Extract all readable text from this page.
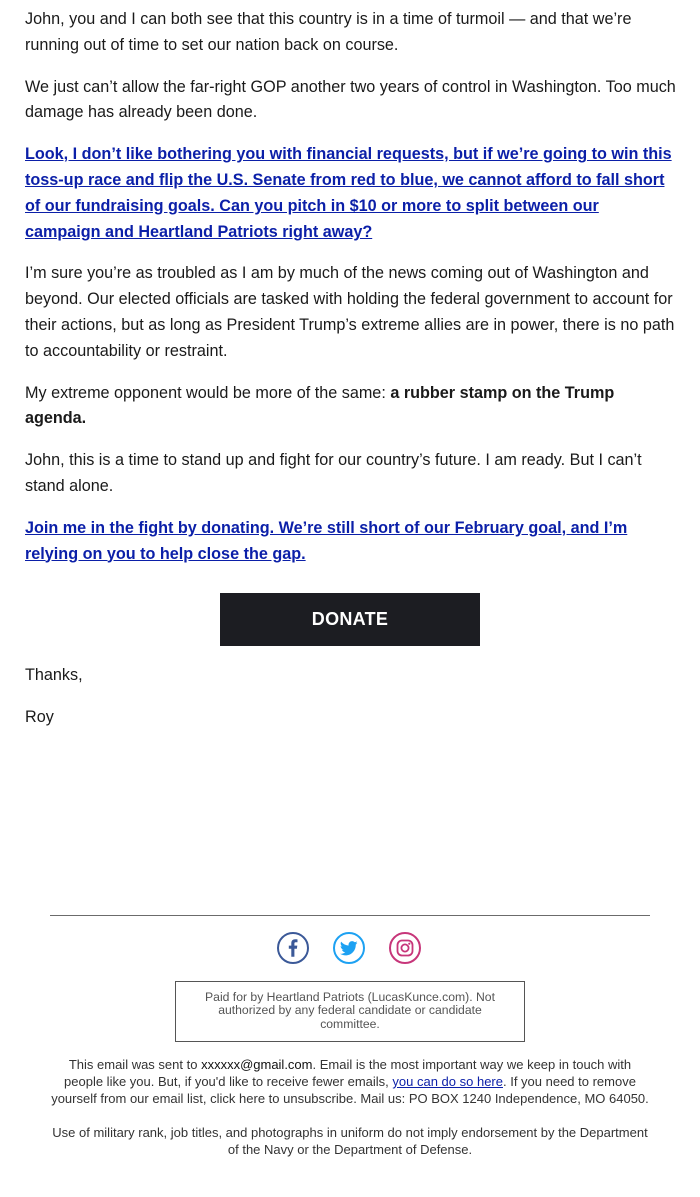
John, you and I can both see that this country is in a time of turmoil — and that we’re running out of time to set our nation back on course.

We just can’t allow the far-right GOP another two years of control in Washington. Too much damage has already been done.

Look, I don’t like bothering you with financial requests, but if we’re going to win this toss-up race and flip the U.S. Senate from red to blue, we cannot afford to fall short of our fundraising goals. Can you pitch in $10 or more to split between our campaign and Heartland Patriots right away?

I’m sure you’re as troubled as I am by much of the news coming out of Washington and beyond. Our elected officials are tasked with holding the federal government to account for their actions, but as long as President Trump’s extreme allies are in power, there is no path to accountability or restraint.

My extreme opponent would be more of the same: a rubber stamp on the Trump agenda.

John, this is a time to stand up and fight for our country’s future. I am ready. But I can’t stand alone.

Join me in the fight by donating. We’re still short of our February goal, and I’m relying on you to help close the gap.

DONATE
Thanks,
Roy
Paid for by Heartland Patriots (LucasKunce.com). Not authorized by any federal candidate or candidate committee.

This email was sent to xxxxxx@gmail.com. Email is the most important way we keep in touch with people like you. But, if you'd like to receive fewer emails, you can do so here. If you need to remove yourself from our email list, click here to unsubscribe. Mail us: PO BOX 1240 Independence, MO 64050.

Use of military rank, job titles, and photographs in uniform do not imply endorsement by the Department of the Navy or the Department of Defense.
